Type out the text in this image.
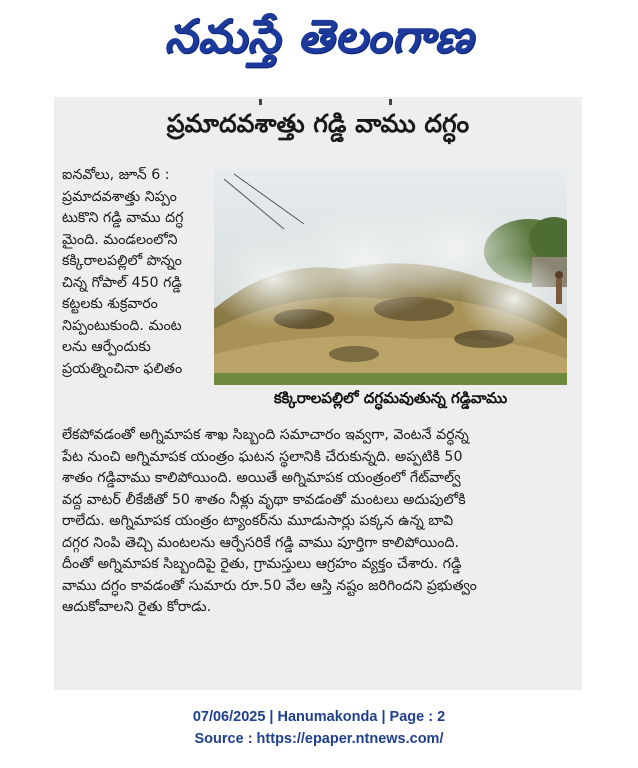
నమస్తే తెలంగాణ
ప్రమాదవశాత్తు గడ్డి వాము దగ్ధం

ఐనవోలు, జూన్ 6 :

ప్రమాదవశాత్తు నిప్పం

టుకొని గడ్డి వాము దగ్ధ

మైంది. మండలంలోని

కక్కిరాలపల్లిలో పొన్నం

చిన్న గోపాల్ 450 గడ్డి

కట్టలకు శుక్రవారం

నిప్పంటుకుంది. మంట

లను ఆర్పేందుకు

ప్రయత్నించినా ఫలితం

కక్కిరాలపల్లిలో దగ్ధమవుతున్న గడ్డివాము

లేకపోవడంతో అగ్నిమాపక శాఖ సిబ్బంది సమాచారం ఇవ్వగా, వెంటనే వర్ధన్న

పేట నుంచి అగ్నిమాపక యంత్రం ఘటన స్థలానికి చేరుకున్నది. అప్పటికి 50

శాతం గడ్డివాము కాలిపోయింది. అయితే అగ్నిమాపక యంత్రంలో గేట్‌వాల్వ్

వద్ద వాటర్ లీకేజీతో 50 శాతం నీళ్లు వృథా కావడంతో మంటలు అదుపులోకి

రాలేదు. అగ్నిమాపక యంత్రం ట్యాంకర్‌ను మూడుసార్లు పక్కన ఉన్న బావి

దగ్గర నింపి తెచ్చి మంటలను ఆర్పేసరికే గడ్డి వాము పూర్తిగా కాలిపోయింది.

దీంతో అగ్నిమాపక సిబ్బందిపై రైతు, గ్రామస్తులు ఆగ్రహం వ్యక్తం చేశారు. గడ్డి

వాము దగ్ధం కావడంతో సుమారు రూ.50 వేల ఆస్తి నష్టం జరిగిందని ప్రభుత్వం

ఆదుకోవాలని రైతు కోరాడు.

07/06/2025 | Hanumakonda | Page : 2
Source : https://epaper.ntnews.com/
